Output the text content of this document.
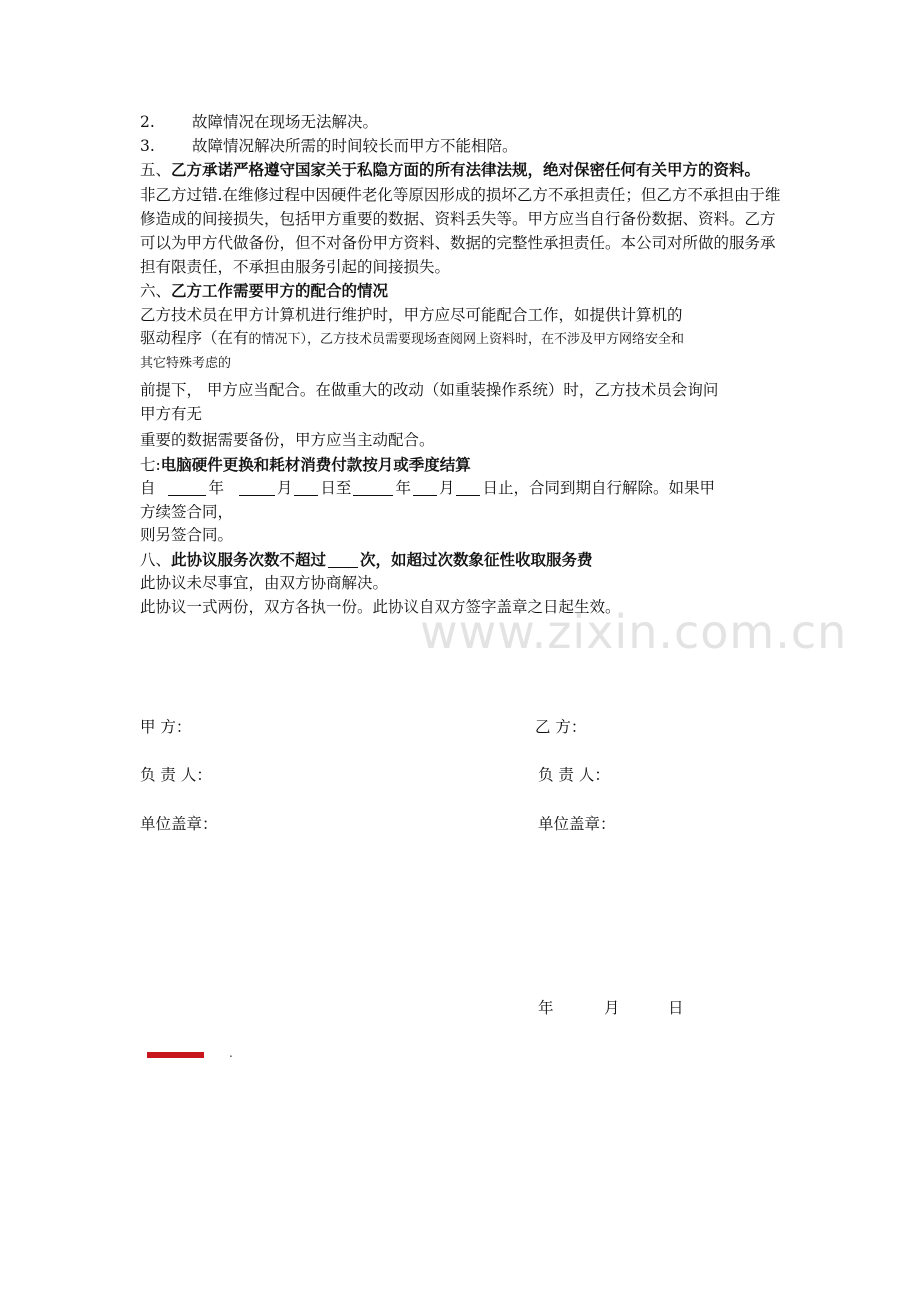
www.zixin.com.cn
2. 故障情况在现场无法解决。
3. 故障情况解决所需的时间较长而甲方不能相陪。
五、乙方承诺严格遵守国家关于私隐方面的所有法律法规，绝对保密任何有关甲方的资料。
非乙方过错.在维修过程中因硬件老化等原因形成的损坏乙方不承担责任；但乙方不承担由于维修造成的间接损失，包括甲方重要的数据、资料丢失等。甲方应当自行备份数据、资料。乙方可以为甲方代做备份，但不对备份甲方资料、数据的完整性承担责任。本公司对所做的服务承担有限责任，不承担由服务引起的间接损失。
六、乙方工作需要甲方的配合的情况
乙方技术员在甲方计算机进行维护时，甲方应尽可能配合工作，如提供计算机的
驱动程序（在有的情况下），乙方技术员需要现场查阅网上资料时，在不涉及甲方网络安全和
其它特殊考虑的
前提下， 甲方应当配合。在做重大的改动（如重装操作系统）时，乙方技术员会询问
甲方有无
重要的数据需要备份，甲方应当主动配合。
七:电脑硬件更换和耗材消费付款按月或季度结算
自	年	月 日至	年 月 日止，合同到期自行解除。如果甲
方续签合同，
则另签合同。
八、此协议服务次数不超过 次，如超过次数象征性收取服务费
此协议未尽事宜，由双方协商解决。
此协议一式两份，双方各执一份。此协议自双方签字盖章之日起生效。
甲 方：	乙 方：
负 责 人：	负 责 人：
单位盖章：	单位盖章：
年	月	日
.
